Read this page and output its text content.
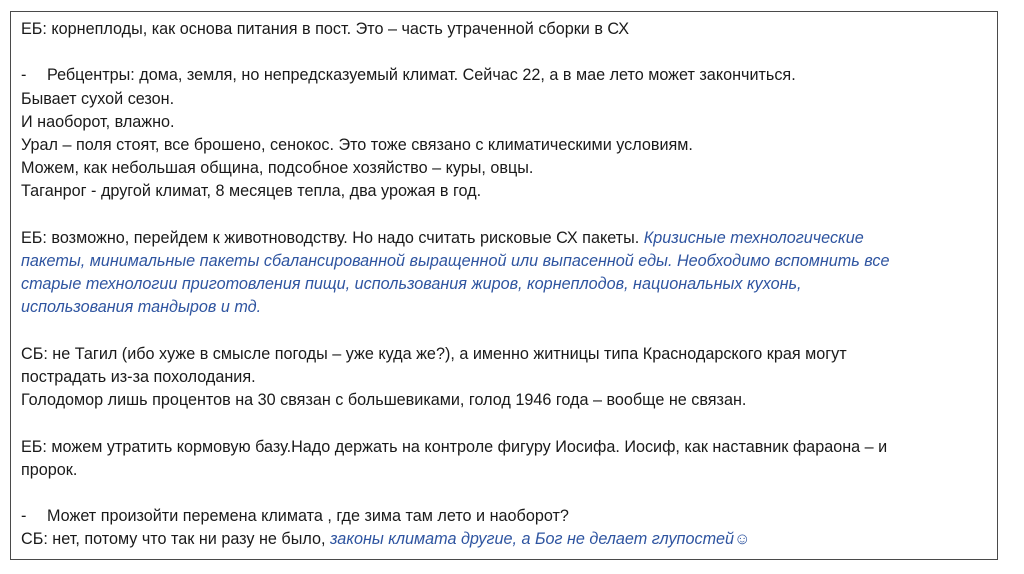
ЕБ: корнеплоды, как основа питания в пост. Это – часть утраченной сборки в СХ
- Ребцентры: дома, земля, но непредсказуемый климат. Сейчас 22, а в мае лето может закончиться.
Бывает сухой сезон.
И наоборот, влажно.
Урал – поля стоят, все брошено, сенокос. Это тоже связано с климатическими условиям.
Можем, как небольшая община, подсобное хозяйство – куры, овцы.
Таганрог - другой климат, 8 месяцев тепла, два урожая в год.
ЕБ: возможно, перейдем к животноводству. Но надо считать рисковые СХ пакеты. Кризисные технологические
пакеты, минимальные пакеты сбалансированной выращенной или выпасенной еды. Необходимо вспомнить все
старые технологии приготовления пищи, использования жиров, корнеплодов, национальных кухонь,
использования тандыров и тд.
СБ: не Тагил (ибо хуже в смысле погоды – уже куда же?), а именно житницы типа Краснодарского края могут
пострадать из-за похолодания.
Голодомор лишь процентов на 30 связан с большевиками, голод 1946 года – вообще не связан.
ЕБ: можем утратить кормовую базу.Надо держать на контроле фигуру Иосифа. Иосиф, как наставник фараона – и
пророк.
- Может произойти перемена климата , где зима там лето и наоборот?
СБ: нет, потому что так ни разу не было, законы климата другие, а Бог не делает глупостей☺
